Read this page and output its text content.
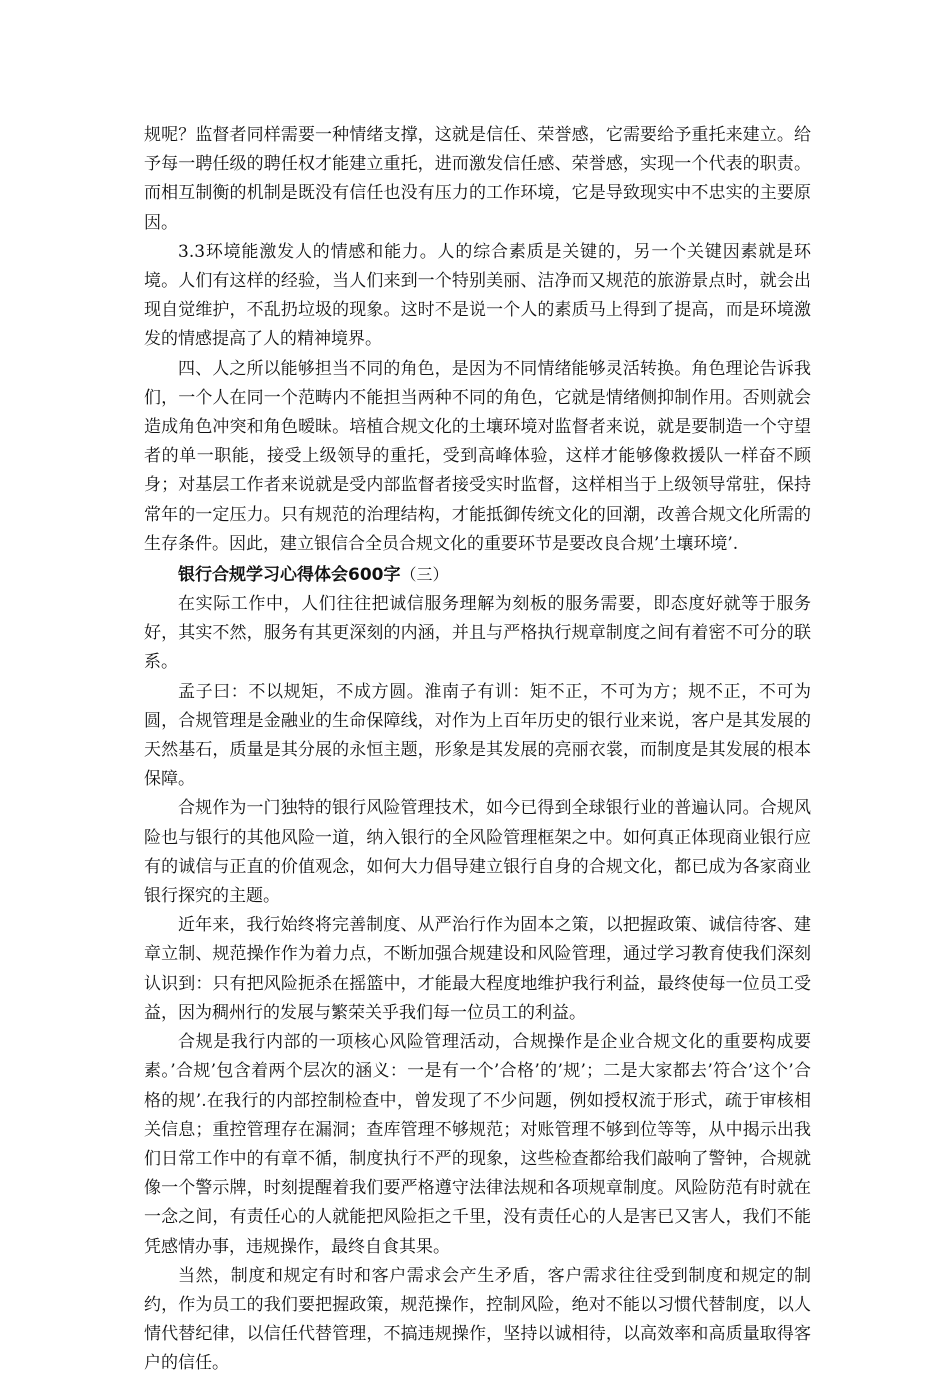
规呢？监督者同样需要一种情绪支撑，这就是信任、荣誉感，它需要给予重托来建立。给予每一聘任级的聘任权才能建立重托，进而激发信任感、荣誉感，实现一个代表的职责。而相互制衡的机制是既没有信任也没有压力的工作环境，它是导致现实中不忠实的主要原因。

3.3环境能激发人的情感和能力。人的综合素质是关键的，另一个关键因素就是环境。人们有这样的经验，当人们来到一个特别美丽、洁净而又规范的旅游景点时，就会出现自觉维护，不乱扔垃圾的现象。这时不是说一个人的素质马上得到了提高，而是环境激发的情感提高了人的精神境界。

四、人之所以能够担当不同的角色，是因为不同情绪能够灵活转换。角色理论告诉我们，一个人在同一个范畴内不能担当两种不同的角色，它就是情绪侧抑制作用。否则就会造成角色冲突和角色暧昧。培植合规文化的土壤环境对监督者来说，就是要制造一个守望者的单一职能，接受上级领导的重托，受到高峰体验，这样才能够像救援队一样奋不顾身；对基层工作者来说就是受内部监督者接受实时监督，这样相当于上级领导常驻，保持常年的一定压力。只有规范的治理结构，才能抵御传统文化的回潮，改善合规文化所需的生存条件。因此，建立银信合全员合规文化的重要环节是要改良合规’土壤环境’.

银行合规学习心得体会600字（三）

在实际工作中，人们往往把诚信服务理解为刻板的服务需要，即态度好就等于服务好，其实不然，服务有其更深刻的内涵，并且与严格执行规章制度之间有着密不可分的联系。

孟子曰：不以规矩，不成方圆。淮南子有训：矩不正，不可为方；规不正，不可为圆，合规管理是金融业的生命保障线，对作为上百年历史的银行业来说，客户是其发展的天然基石，质量是其分展的永恒主题，形象是其发展的亮丽衣裳，而制度是其发展的根本保障。

合规作为一门独特的银行风险管理技术，如今已得到全球银行业的普遍认同。合规风险也与银行的其他风险一道，纳入银行的全风险管理框架之中。如何真正体现商业银行应有的诚信与正直的价值观念，如何大力倡导建立银行自身的合规文化，都已成为各家商业银行探究的主题。

近年来，我行始终将完善制度、从严治行作为固本之策，以把握政策、诚信待客、建章立制、规范操作作为着力点，不断加强合规建设和风险管理，通过学习教育使我们深刻认识到：只有把风险扼杀在摇篮中，才能最大程度地维护我行利益，最终使每一位员工受益，因为稠州行的发展与繁荣关乎我们每一位员工的利益。

合规是我行内部的一项核心风险管理活动，合规操作是企业合规文化的重要构成要素。’合规’包含着两个层次的涵义：一是有一个’合格’的’规’；二是大家都去’符合’这个’合格的规’.在我行的内部控制检查中，曾发现了不少问题，例如授权流于形式，疏于审核相关信息；重控管理存在漏洞；查库管理不够规范；对账管理不够到位等等，从中揭示出我们日常工作中的有章不循，制度执行不严的现象，这些检查都给我们敲响了警钟，合规就像一个警示牌，时刻提醒着我们要严格遵守法律法规和各项规章制度。风险防范有时就在一念之间，有责任心的人就能把风险拒之千里，没有责任心的人是害已又害人，我们不能凭感情办事，违规操作，最终自食其果。

当然，制度和规定有时和客户需求会产生矛盾，客户需求往往受到制度和规定的制约，作为员工的我们要把握政策，规范操作，控制风险，绝对不能以习惯代替制度，以人情代替纪律，以信任代替管理，不搞违规操作，坚持以诚相待，以高效率和高质量取得客户的信任。
